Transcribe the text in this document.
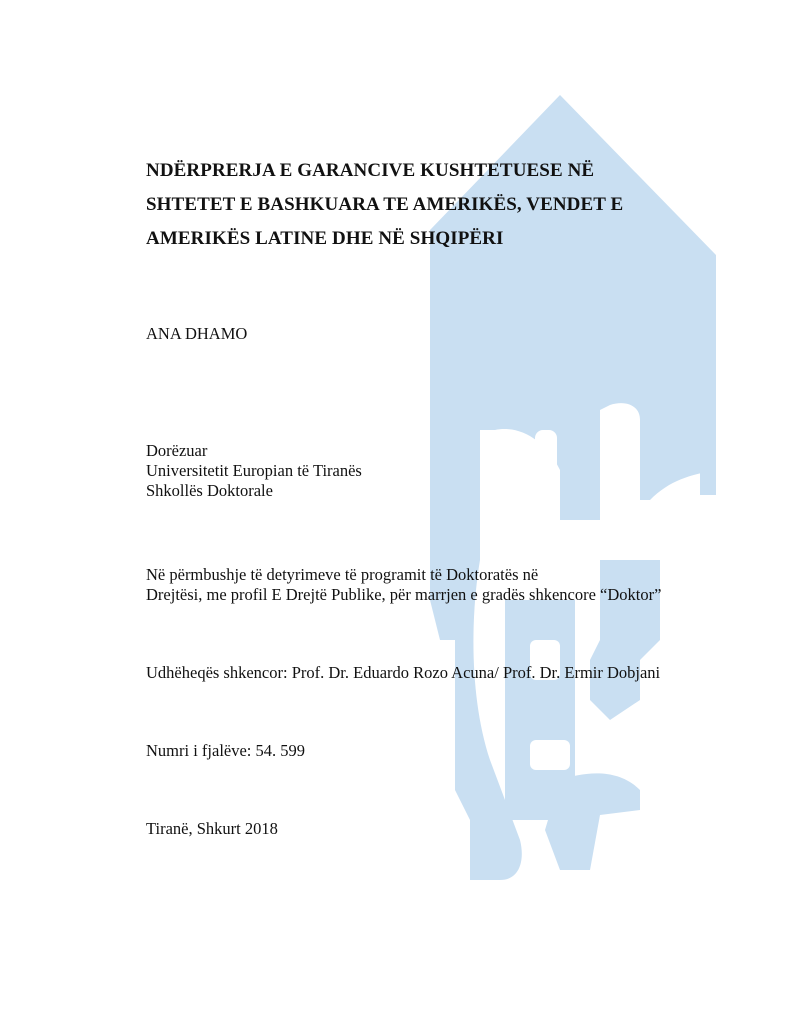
NDËRPRERJA E GARANCIVE KUSHTETUESE NË
SHTETET E BASHKUARA TE AMERIKËS, VENDET E
AMERIKËS LATINE DHE NË SHQIPËRI
ANA DHAMO
Dorëzuar
Universitetit Europian të Tiranës
Shkollës Doktorale
Në përmbushje të detyrimeve të programit të Doktoratës në
Drejtësi, me profil E Drejtë Publike, për marrjen e gradës shkencore “Doktor”
Udhëheqës shkencor: Prof. Dr. Eduardo Rozo Acuna/ Prof. Dr. Ermir Dobjani
Numri i fjalëve: 54. 599
Tiranë, Shkurt 2018
